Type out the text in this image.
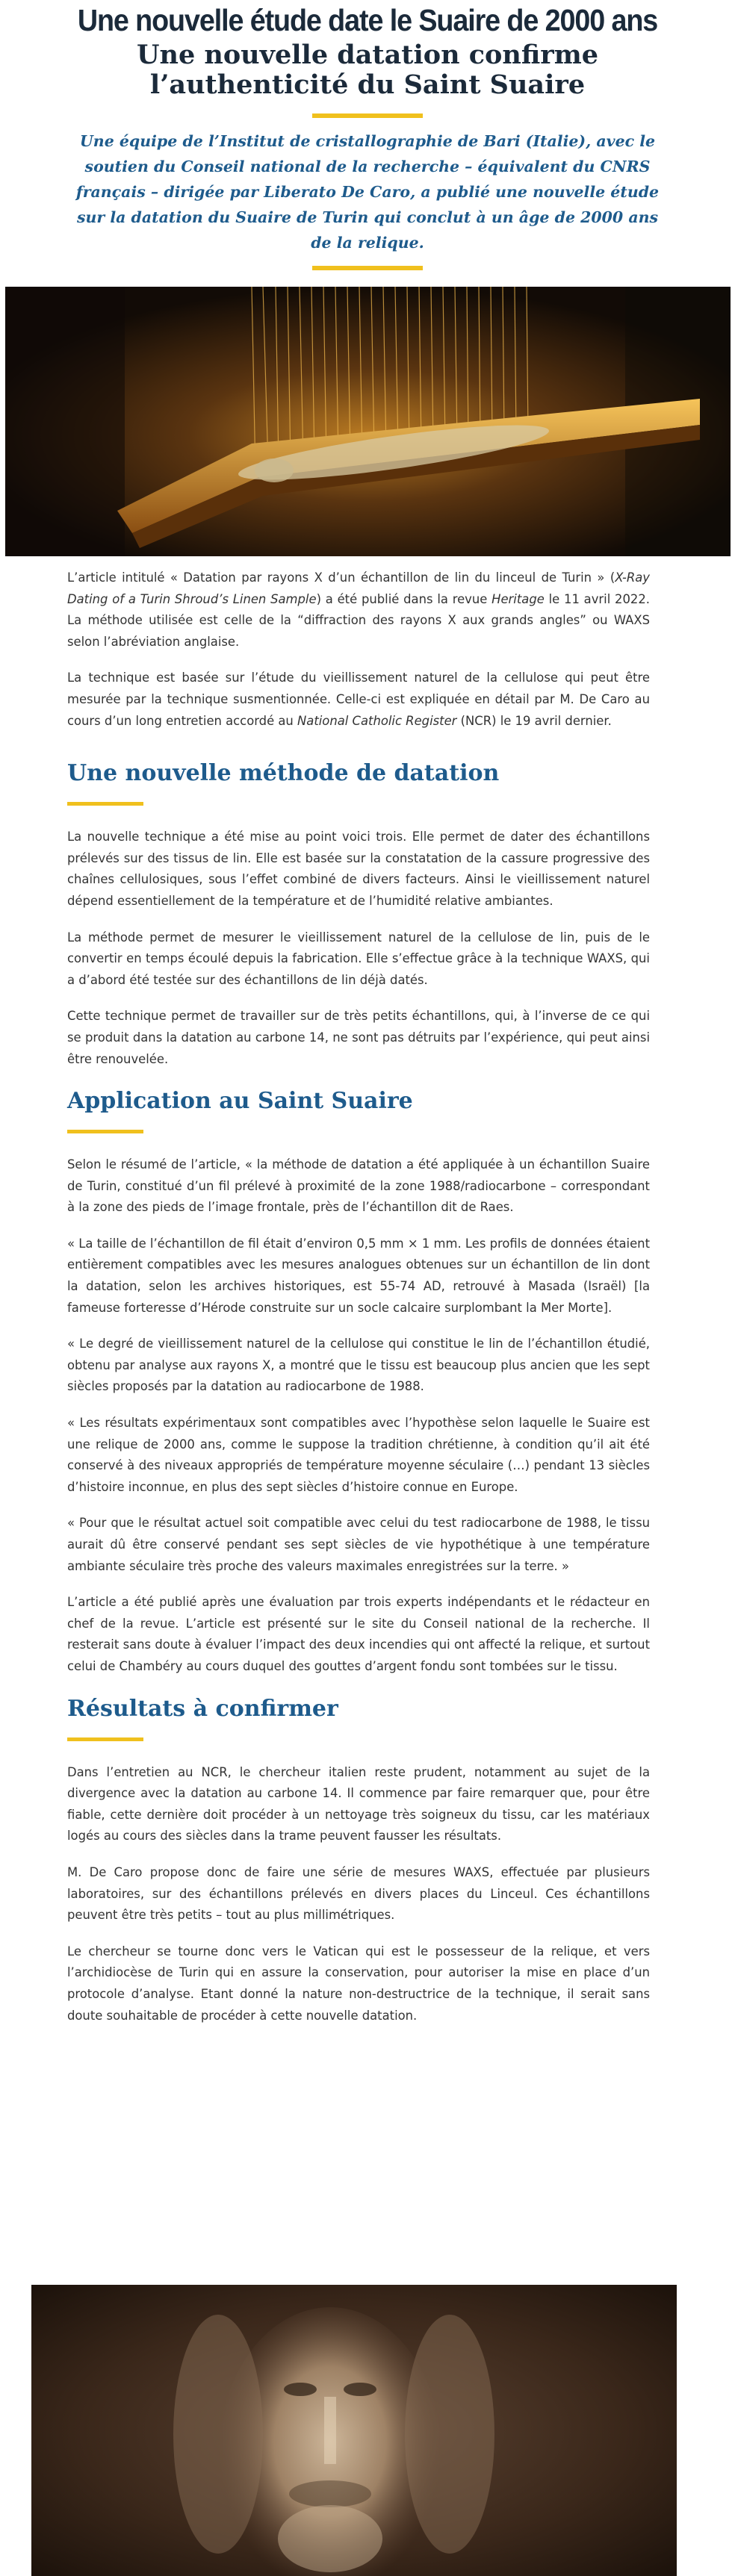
Une nouvelle étude date le Suaire de 2000 ans
Une nouvelle datation confirme l’authenticité du Saint Suaire

Une équipe de l’Institut de cristallographie de Bari (Italie), avec le soutien du Conseil national de la recherche – équivalent du CNRS français – dirigée par Liberato De Caro, a publié une nouvelle étude sur la datation du Suaire de Turin qui conclut à un âge de 2000 ans de la relique.

L’article intitulé « Datation par rayons X d’un échantillon de lin du linceul de Turin » (X-Ray Dating of a Turin Shroud’s Linen Sample) a été publié dans la revue Heritage le 11 avril 2022. La méthode utilisée est celle de la “diffraction des rayons X aux grands angles” ou WAXS selon l’abréviation anglaise.

La technique est basée sur l’étude du vieillissement naturel de la cellulose qui peut être mesurée par la technique susmentionnée. Celle-ci est expliquée en détail par M. De Caro au cours d’un long entretien accordé au National Catholic Register (NCR) le 19 avril dernier.

Une nouvelle méthode de datation

La nouvelle technique a été mise au point voici trois. Elle permet de dater des échantillons prélevés sur des tissus de lin. Elle est basée sur la constatation de la cassure progressive des chaînes cellulosiques, sous l’effet combiné de divers facteurs. Ainsi le vieillissement naturel dépend essentiellement de la température et de l’humidité relative ambiantes.

La méthode permet de mesurer le vieillissement naturel de la cellulose de lin, puis de le convertir en temps écoulé depuis la fabrication. Elle s’effectue grâce à la technique WAXS, qui a d’abord été testée sur des échantillons de lin déjà datés.

Cette technique permet de travailler sur de très petits échantillons, qui, à l’inverse de ce qui se produit dans la datation au carbone 14, ne sont pas détruits par l’expérience, qui peut ainsi être renouvelée.

Application au Saint Suaire

Selon le résumé de l’article, « la méthode de datation a été appliquée à un échantillon Suaire de Turin, constitué d’un fil prélevé à proximité de la zone 1988/radiocarbone – correspondant à la zone des pieds de l’image frontale, près de l’échantillon dit de Raes.

« La taille de l’échantillon de fil était d’environ 0,5 mm × 1 mm. Les profils de données étaient entièrement compatibles avec les mesures analogues obtenues sur un échantillon de lin dont la datation, selon les archives historiques, est 55-74 AD, retrouvé à Masada (Israël) [la fameuse forteresse d’Hérode construite sur un socle calcaire surplombant la Mer Morte].

« Le degré de vieillissement naturel de la cellulose qui constitue le lin de l’échantillon étudié, obtenu par analyse aux rayons X, a montré que le tissu est beaucoup plus ancien que les sept siècles proposés par la datation au radiocarbone de 1988.

« Les résultats expérimentaux sont compatibles avec l’hypothèse selon laquelle le Suaire est une relique de 2000 ans, comme le suppose la tradition chrétienne, à condition qu’il ait été conservé à des niveaux appropriés de température moyenne séculaire (…) pendant 13 siècles d’histoire inconnue, en plus des sept siècles d’histoire connue en Europe.

« Pour que le résultat actuel soit compatible avec celui du test radiocarbone de 1988, le tissu aurait dû être conservé pendant ses sept siècles de vie hypothétique à une température ambiante séculaire très proche des valeurs maximales enregistrées sur la terre. »

L’article a été publié après une évaluation par trois experts indépendants et le rédacteur en chef de la revue. L’article est présenté sur le site du Conseil national de la recherche. Il resterait sans doute à évaluer l’impact des deux incendies qui ont affecté la relique, et surtout celui de Chambéry au cours duquel des gouttes d’argent fondu sont tombées sur le tissu.

Résultats à confirmer

Dans l’entretien au NCR, le chercheur italien reste prudent, notamment au sujet de la divergence avec la datation au carbone 14. Il commence par faire remarquer que, pour être fiable, cette dernière doit procéder à un nettoyage très soigneux du tissu, car les matériaux logés au cours des siècles dans la trame peuvent fausser les résultats.

M. De Caro propose donc de faire une série de mesures WAXS, effectuée par plusieurs laboratoires, sur des échantillons prélevés en divers places du Linceul. Ces échantillons peuvent être très petits – tout au plus millimétriques.

Le chercheur se tourne donc vers le Vatican qui est le possesseur de la relique, et vers l’archidiocèse de Turin qui en assure la conservation, pour autoriser la mise en place d’un protocole d’analyse. Etant donné la nature non-destructrice de la technique, il serait sans doute souhaitable de procéder à cette nouvelle datation.
